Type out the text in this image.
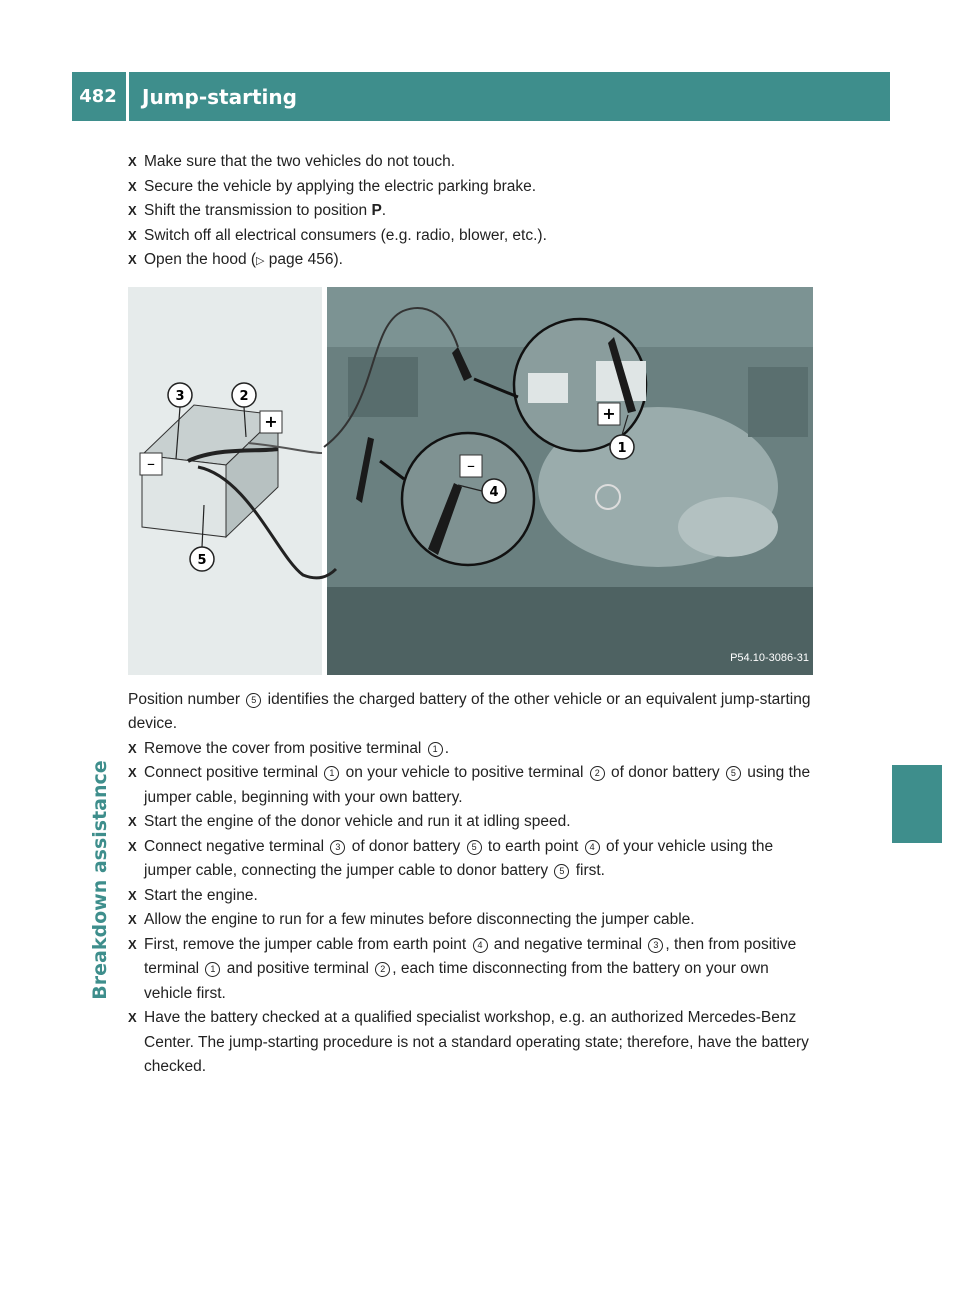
482	Jump-starting
Breakdown assistance

X Make sure that the two vehicles do not touch.

X Secure the vehicle by applying the electric parking brake.

X Shift the transmission to position P.

X Switch off all electrical consumers (e.g. radio, blower, etc.).

X Open the hood (▷ page 456).

–
+	+
–
3	2
5
1
4
P54.10-3086-31

Position number 5 identifies the charged battery of the other vehicle or an equivalent jump-starting device.

X Remove the cover from positive terminal 1 .

X Connect positive terminal 1 on your vehicle to positive terminal 2 of donor battery 5 using the jumper cable, beginning with your own battery.

X Start the engine of the donor vehicle and run it at idling speed.

X Connect negative terminal 3 of donor battery 5 to earth point 4 of your vehicle using the jumper cable, connecting the jumper cable to donor battery 5 first.

X Start the engine.

X Allow the engine to run for a few minutes before disconnecting the jumper cable.

X First, remove the jumper cable from earth point 4 and negative terminal 3 , then from positive terminal 1 and positive terminal 2 , each time disconnecting from the battery on your own vehicle first.

X Have the battery checked at a qualified specialist workshop, e.g. an authorized Mercedes-Benz Center. The jump-starting procedure is not a standard operating state; therefore, have the battery checked.
